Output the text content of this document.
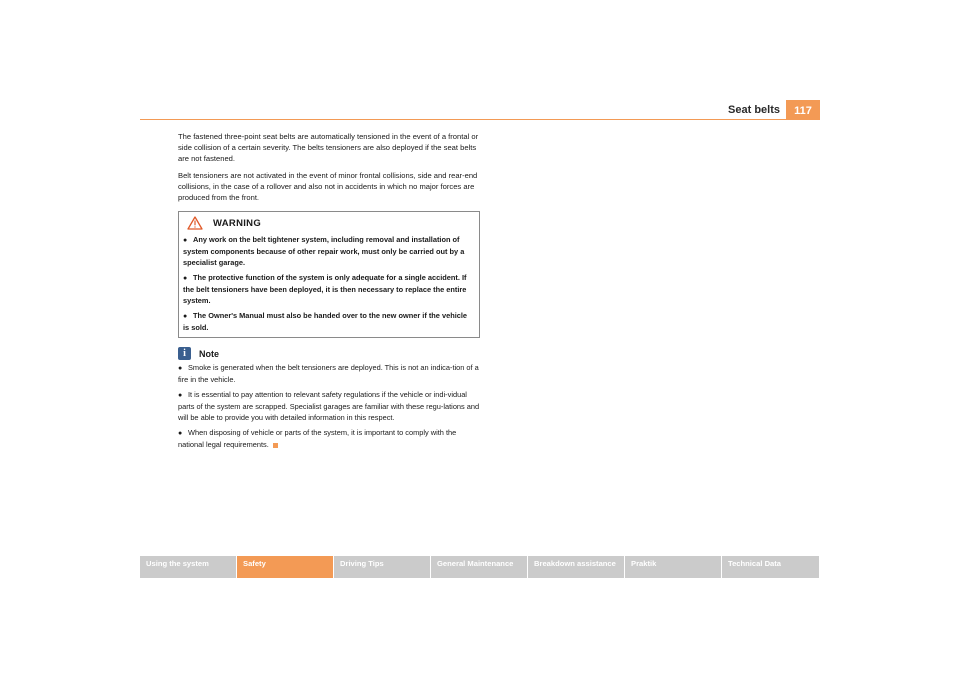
Seat belts	117

The fastened three-point seat belts are automatically tensioned in the event of a frontal or side collision of a certain severity. The belts tensioners are also deployed if the seat belts are not fastened.

Belt tensioners are not activated in the event of minor frontal collisions, side and rear-end collisions, in the case of a rollover and also not in accidents in which no major forces are produced from the front.

WARNING

● Any work on the belt tightener system, including removal and installation of system components because of other repair work, must only be carried out by a specialist garage.

● The protective function of the system is only adequate for a single accident. If the belt tensioners have been deployed, it is then necessary to replace the entire system.

● The Owner's Manual must also be handed over to the new owner if the vehicle is sold.

i	Note

● Smoke is generated when the belt tensioners are deployed. This is not an indica-tion of a fire in the vehicle.

● It is essential to pay attention to relevant safety regulations if the vehicle or indi-vidual parts of the system are scrapped. Specialist garages are familiar with these regu-lations and will be able to provide you with detailed information in this respect.

● When disposing of vehicle or parts of the system, it is important to comply with the national legal requirements.

Using the system	Safety	Driving Tips	General Maintenance	Breakdown assistance	Praktik	Technical Data
